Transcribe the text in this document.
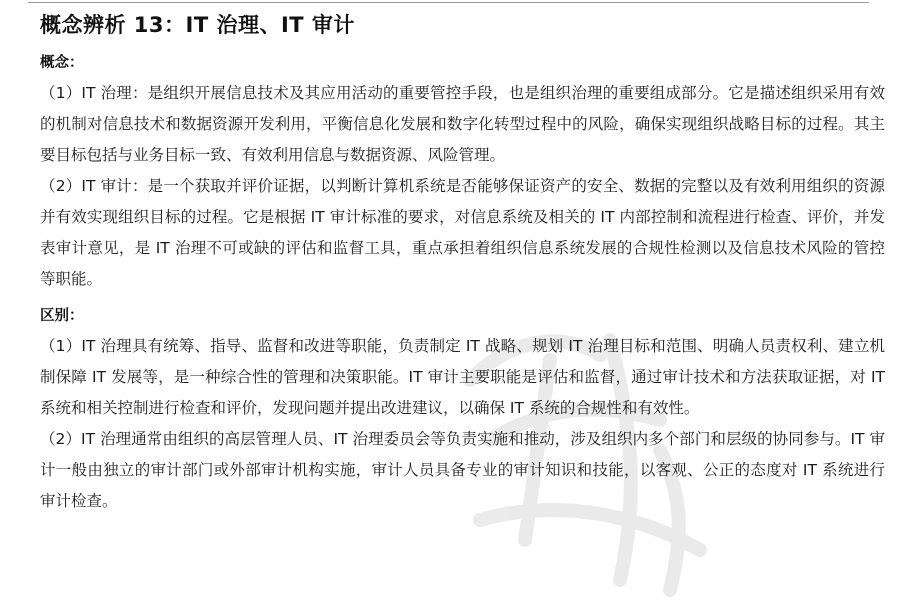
概念辨析 13：IT 治理、IT 审计

概念：

（1）IT 治理：是组织开展信息技术及其应用活动的重要管控手段，也是组织治理的重要组成部分。它是描述组织采用有效的机制对信息技术和数据资源开发利用，平衡信息化发展和数字化转型过程中的风险，确保实现组织战略目标的过程。其主要目标包括与业务目标一致、有效利用信息与数据资源、风险管理。

（2）IT 审计：是一个获取并评价证据，以判断计算机系统是否能够保证资产的安全、数据的完整以及有效利用组织的资源并有效实现组织目标的过程。它是根据 IT 审计标准的要求，对信息系统及相关的 IT 内部控制和流程进行检查、评价，并发表审计意见，是 IT 治理不可或缺的评估和监督工具，重点承担着组织信息系统发展的合规性检测以及信息技术风险的管控等职能。

区别：

（1）IT 治理具有统筹、指导、监督和改进等职能，负责制定 IT 战略、规划 IT 治理目标和范围、明确人员责权利、建立机制保障 IT 发展等，是一种综合性的管理和决策职能。IT 审计主要职能是评估和监督，通过审计技术和方法获取证据，对 IT 系统和相关控制进行检查和评价，发现问题并提出改进建议，以确保 IT 系统的合规性和有效性。

（2）IT 治理通常由组织的高层管理人员、IT 治理委员会等负责实施和推动，涉及组织内多个部门和层级的协同参与。IT 审计一般由独立的审计部门或外部审计机构实施，审计人员具备专业的审计知识和技能，以客观、公正的态度对 IT 系统进行审计检查。
